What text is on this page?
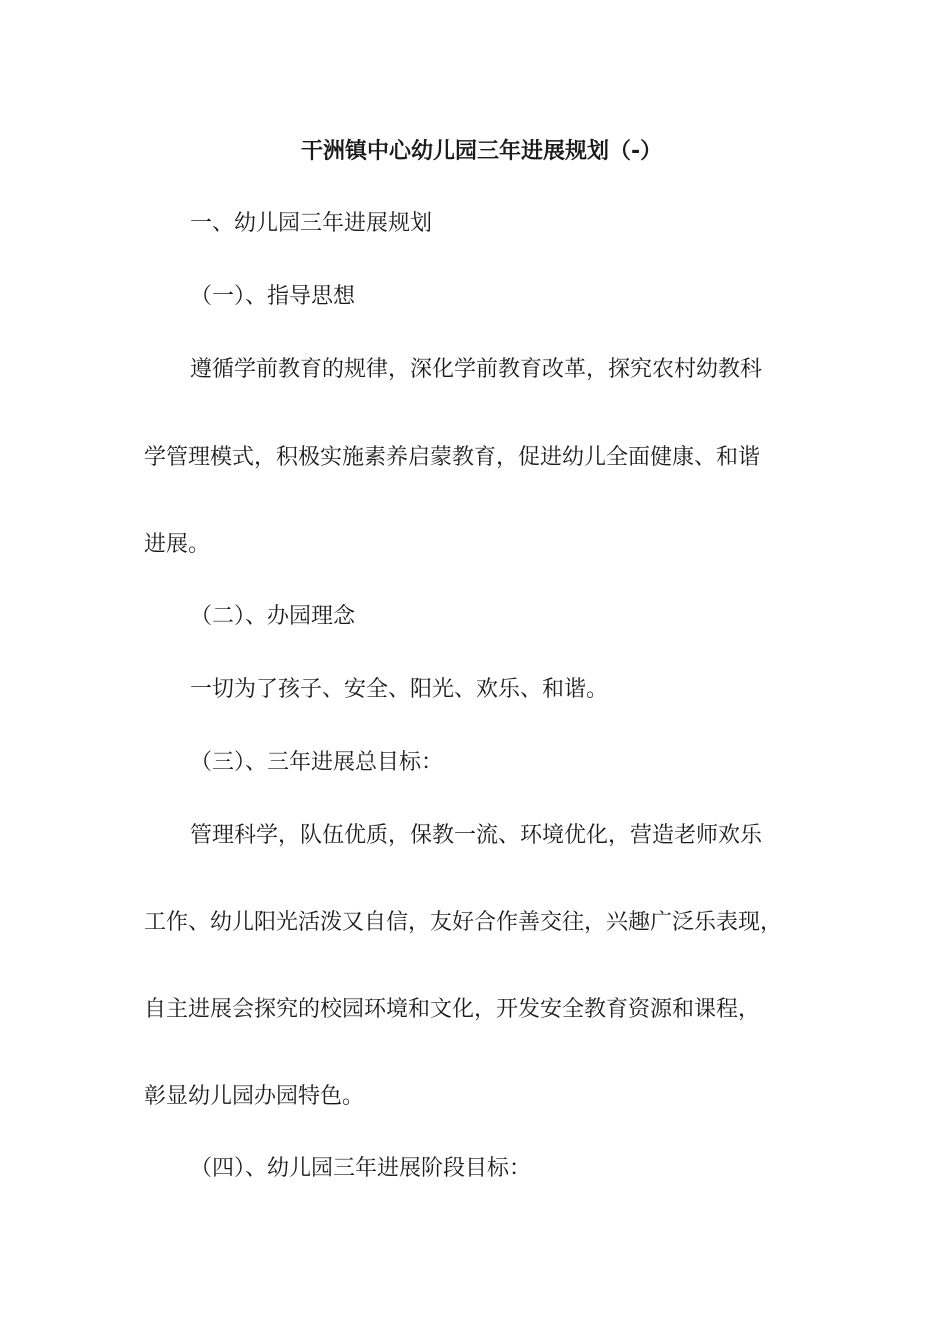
干洲镇中心幼儿园三年进展规划（-）
一、幼儿园三年进展规划
（一）、指导思想
遵循学前教育的规律，深化学前教育改革，探究农村幼教科
学管理模式，积极实施素养启蒙教育，促进幼儿全面健康、和谐
进展。
（二）、办园理念
一切为了孩子、安全、阳光、欢乐、和谐。
（三）、三年进展总目标：
管理科学，队伍优质，保教一流、环境优化，营造老师欢乐
工作、幼儿阳光活泼又自信，友好合作善交往，兴趣广泛乐表现，
自主进展会探究的校园环境和文化，开发安全教育资源和课程，
彰显幼儿园办园特色。
（四）、幼儿园三年进展阶段目标：
